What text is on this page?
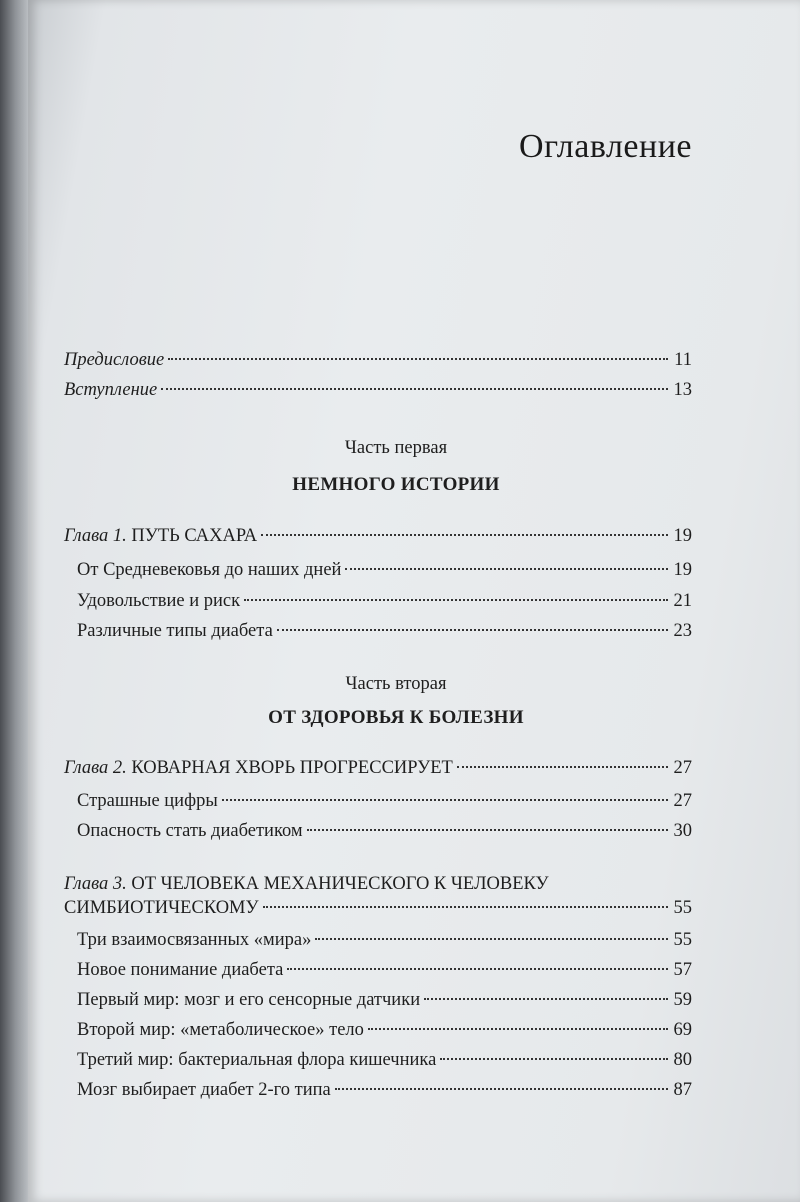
Оглавление
Предисловие	11
Вступление	13
Часть первая
НЕМНОГО ИСТОРИИ
Глава 1. ПУТЬ САХАРА	19
От Средневековья до наших дней	19
Удовольствие и риск	21
Различные типы диабета	23
Часть вторая
ОТ ЗДОРОВЬЯ К БОЛЕЗНИ
Глава 2. КОВАРНАЯ ХВОРЬ ПРОГРЕССИРУЕТ	27
Страшные цифры	27
Опасность стать диабетиком	30
Глава 3. ОТ ЧЕЛОВЕКА МЕХАНИЧЕСКОГО К ЧЕЛОВЕКУ
СИМБИОТИЧЕСКОМУ	55
Три взаимосвязанных «мира»	55
Новое понимание диабета	57
Первый мир: мозг и его сенсорные датчики	59
Второй мир: «метаболическое» тело	69
Третий мир: бактериальная флора кишечника	80
Мозг выбирает диабет 2-го типа	87
